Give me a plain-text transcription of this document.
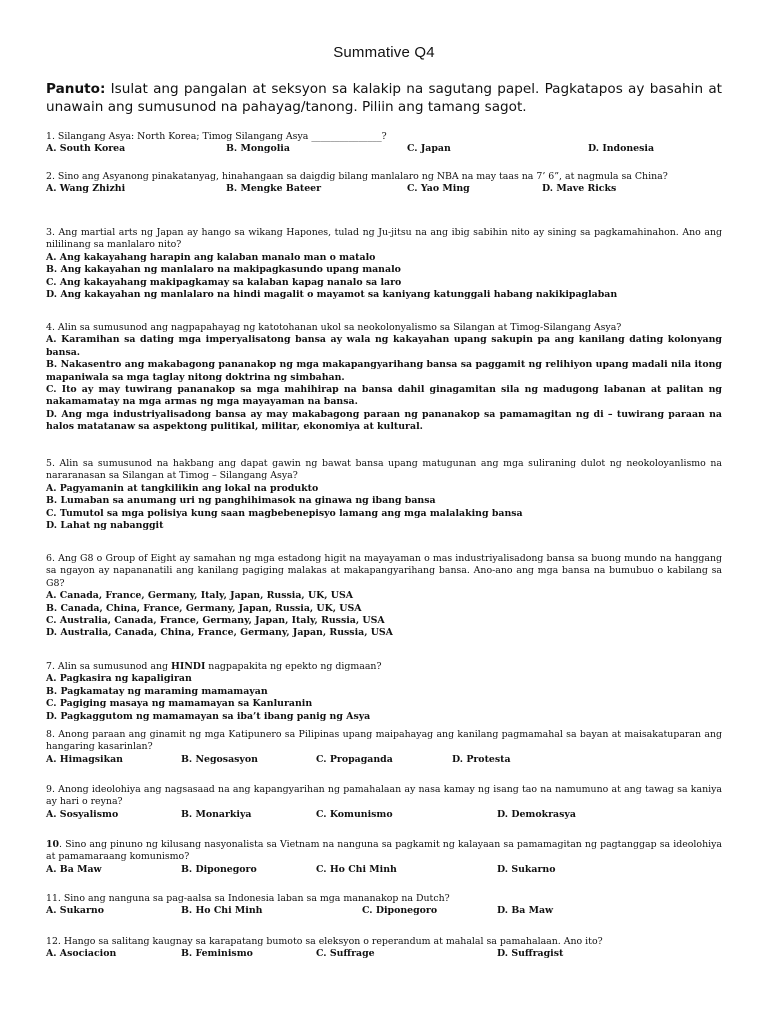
Summative Q4
Panuto: Isulat ang pangalan at seksyon sa kalakip na sagutang papel. Pagkatapos ay basahin at unawain ang sumusunod na pahayag/tanong. Piliin ang tamang sagot.
1. Silangang Asya: North Korea; Timog Silangang Asya _______________?
A. South Korea	B. Mongolia	C. Japan	D. Indonesia
2. Sino ang Asyanong pinakatanyag, hinahangaan sa daigdig bilang manlalaro ng NBA na may taas na 7’ 6”, at nagmula sa China?
A. Wang Zhizhi	B. Mengke Bateer	C. Yao Ming	D. Mave Ricks
3. Ang martial arts ng Japan ay hango sa wikang Hapones, tulad ng Ju-jitsu na ang ibig sabihin nito ay sining sa pagkamahinahon. Ano ang nililinang sa manlalaro nito?
A. Ang kakayahang harapin ang kalaban manalo man o matalo
B. Ang kakayahan ng manlalaro na makipagkasundo upang manalo
C. Ang kakayahang makipagkamay sa kalaban kapag nanalo sa laro
D. Ang kakayahan ng manlalaro na hindi magalit o mayamot sa kaniyang katunggali habang nakikipaglaban
4. Alin sa sumusunod ang nagpapahayag ng katotohanan ukol sa neokolonyalismo sa Silangan at Timog-Silangang Asya?
A. Karamihan sa dating mga imperyalisatong bansa ay wala ng kakayahan upang sakupin pa ang kanilang dating kolonyang bansa.
B. Nakasentro ang makabagong pananakop ng mga makapangyarihang bansa sa paggamit ng relihiyon upang madali nila itong mapaniwala sa mga taglay nitong doktrina ng simbahan.
C. Ito ay may tuwirang pananakop sa mga mahihirap na bansa dahil ginagamitan sila ng madugong labanan at palitan ng nakamamatay na mga armas ng mga mayayaman na bansa.
D. Ang mga industriyalisadong bansa ay may makabagong paraan ng pananakop sa pamamagitan ng di – tuwirang paraan na halos matatanaw sa aspektong pulitikal, militar, ekonomiya at kultural.
5. Alin sa sumusunod na hakbang ang dapat gawin ng bawat bansa upang matugunan ang mga suliraning dulot ng neokoloyanlismo na nararanasan sa Silangan at Timog – Silangang Asya?
A. Pagyamanin at tangkilikin ang lokal na produkto
B. Lumaban sa anumang uri ng panghihimasok na ginawa ng ibang bansa
C. Tumutol sa mga polisiya kung saan magbebenepisyo lamang ang mga malalaking bansa
D. Lahat ng nabanggit
6. Ang G8 o Group of Eight ay samahan ng mga estadong higit na mayayaman o mas industriyalisadong bansa sa buong mundo na hanggang sa ngayon ay napananatili ang kanilang pagiging malakas at makapangyarihang bansa. Ano-ano ang mga bansa na bumubuo o kabilang sa G8?
A. Canada, France, Germany, Italy, Japan, Russia, UK, USA
B. Canada, China, France, Germany, Japan, Russia, UK, USA
C. Australia, Canada, France, Germany, Japan, Italy, Russia, USA
D. Australia, Canada, China, France, Germany, Japan, Russia, USA
7. Alin sa sumusunod ang HINDI nagpapakita ng epekto ng digmaan?
A. Pagkasira ng kapaligiran
B. Pagkamatay ng maraming mamamayan
C. Pagiging masaya ng mamamayan sa Kanluranin
D. Pagkaggutom ng mamamayan sa iba’t ibang panig ng Asya
8. Anong paraan ang ginamit ng mga Katipunero sa Pilipinas upang maipahayag ang kanilang pagmamahal sa bayan at maisakatuparan ang hangaring kasarinlan?
A. Himagsikan	B. Negosasyon	C. Propaganda	D. Protesta
9. Anong ideolohiya ang nagsasaad na ang kapangyarihan ng pamahalaan ay nasa kamay ng isang tao na namumuno at ang tawag sa kaniya ay hari o reyna?
A. Sosyalismo	B. Monarkiya	C. Komunismo	D. Demokrasya
10. Sino ang pinuno ng kilusang nasyonalista sa Vietnam na nanguna sa pagkamit ng kalayaan sa pamamagitan ng pagtanggap sa ideolohiya at pamamaraang komunismo?
A. Ba Maw	B. Diponegoro	C. Ho Chi Minh	D. Sukarno
11. Sino ang nanguna sa pag-aalsa sa Indonesia laban sa mga mananakop na Dutch?
A. Sukarno	B. Ho Chi Minh	C. Diponegoro	D. Ba Maw
12. Hango sa salitang kaugnay sa karapatang bumoto sa eleksyon o reperandum at mahalal sa pamahalaan. Ano ito?
A. Asociacion	B. Feminismo	C. Suffrage	D. Suffragist
